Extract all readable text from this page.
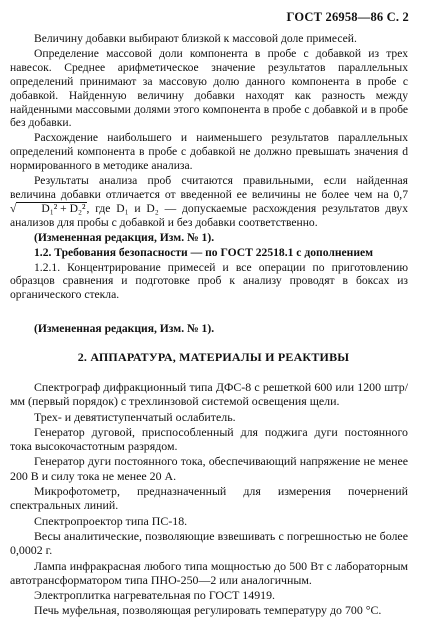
ГОСТ 26958—86 С. 2

Величину добавки выбирают близкой к массовой доле примесей.

Определение массовой доли компонента в пробе с добавкой из трех навесок. Среднее арифметическое значение результатов параллельных определений принимают за массовую долю данного компонента в пробе с добавкой. Найденную величину добавки находят как разность между найденными массовыми долями этого компонента в пробе с добавкой и в пробе без добавки.

Расхождение наибольшего и наименьшего результатов параллельных определений компонента в пробе с добавкой не должно превышать значения d нормированного в методике анализа.

Результаты анализа проб считаются правильными, если найденная величина добавки отличается от введенной ее величины не более чем на 0,7 √ D₁² + D₂², где D₁ и D₂ — допускаемые расхождения результатов двух анализов для пробы с добавкой и без добавки соответственно.

(Измененная редакция, Изм. № 1).

1.2. Требования безопасности — по ГОСТ 22518.1 с дополнением

1.2.1. Концентрирование примесей и все операции по приготовлению образцов сравнения и подготовке проб к анализу проводят в боксах из органического стекла.

(Измененная редакция, Изм. № 1).

2. АППАРАТУРА, МАТЕРИАЛЫ И РЕАКТИВЫ

Спектрограф дифракционный типа ДФС-8 с решеткой 600 или 1200 штр/мм (первый порядок) с трехлинзовой системой освещения щели.

Трех- и девятиступенчатый ослабитель.

Генератор дуговой, приспособленный для поджига дуги постоянного тока высокочастотным разрядом.

Генератор дуги постоянного тока, обеспечивающий напряжение не менее 200 В и силу тока не менее 20 А.

Микрофотометр, предназначенный для измерения почернений спектральных линий.

Спектропроектор типа ПС-18.

Весы аналитические, позволяющие взвешивать с погрешностью не более 0,0002 г.

Лампа инфракрасная любого типа мощностью до 500 Вт с лабораторным автотрансформатором типа ПНО-250—2 или аналогичным.

Электроплитка нагревательная по ГОСТ 14919.

Печь муфельная, позволяющая регулировать температуру до 700 °С.
